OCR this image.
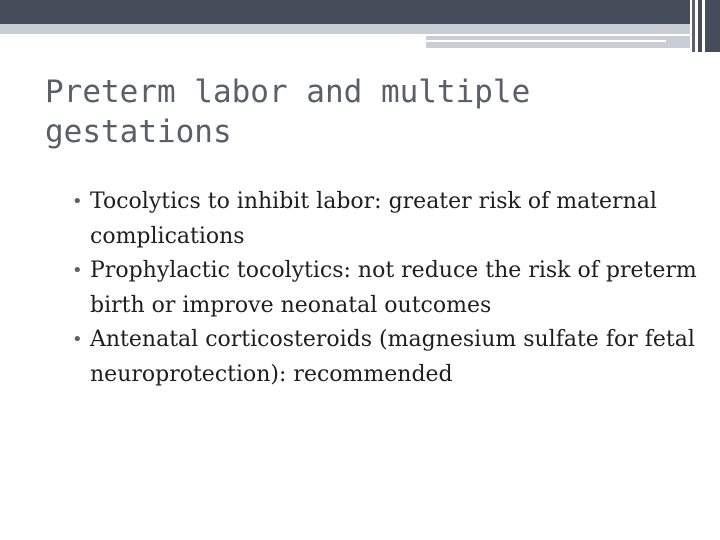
Preterm labor and multiple gestations
• Tocolytics to inhibit labor: greater risk of maternal complications
• Prophylactic tocolytics: not reduce the risk of preterm birth or improve neonatal outcomes
• Antenatal corticosteroids (magnesium sulfate for fetal neuroprotection): recommended
